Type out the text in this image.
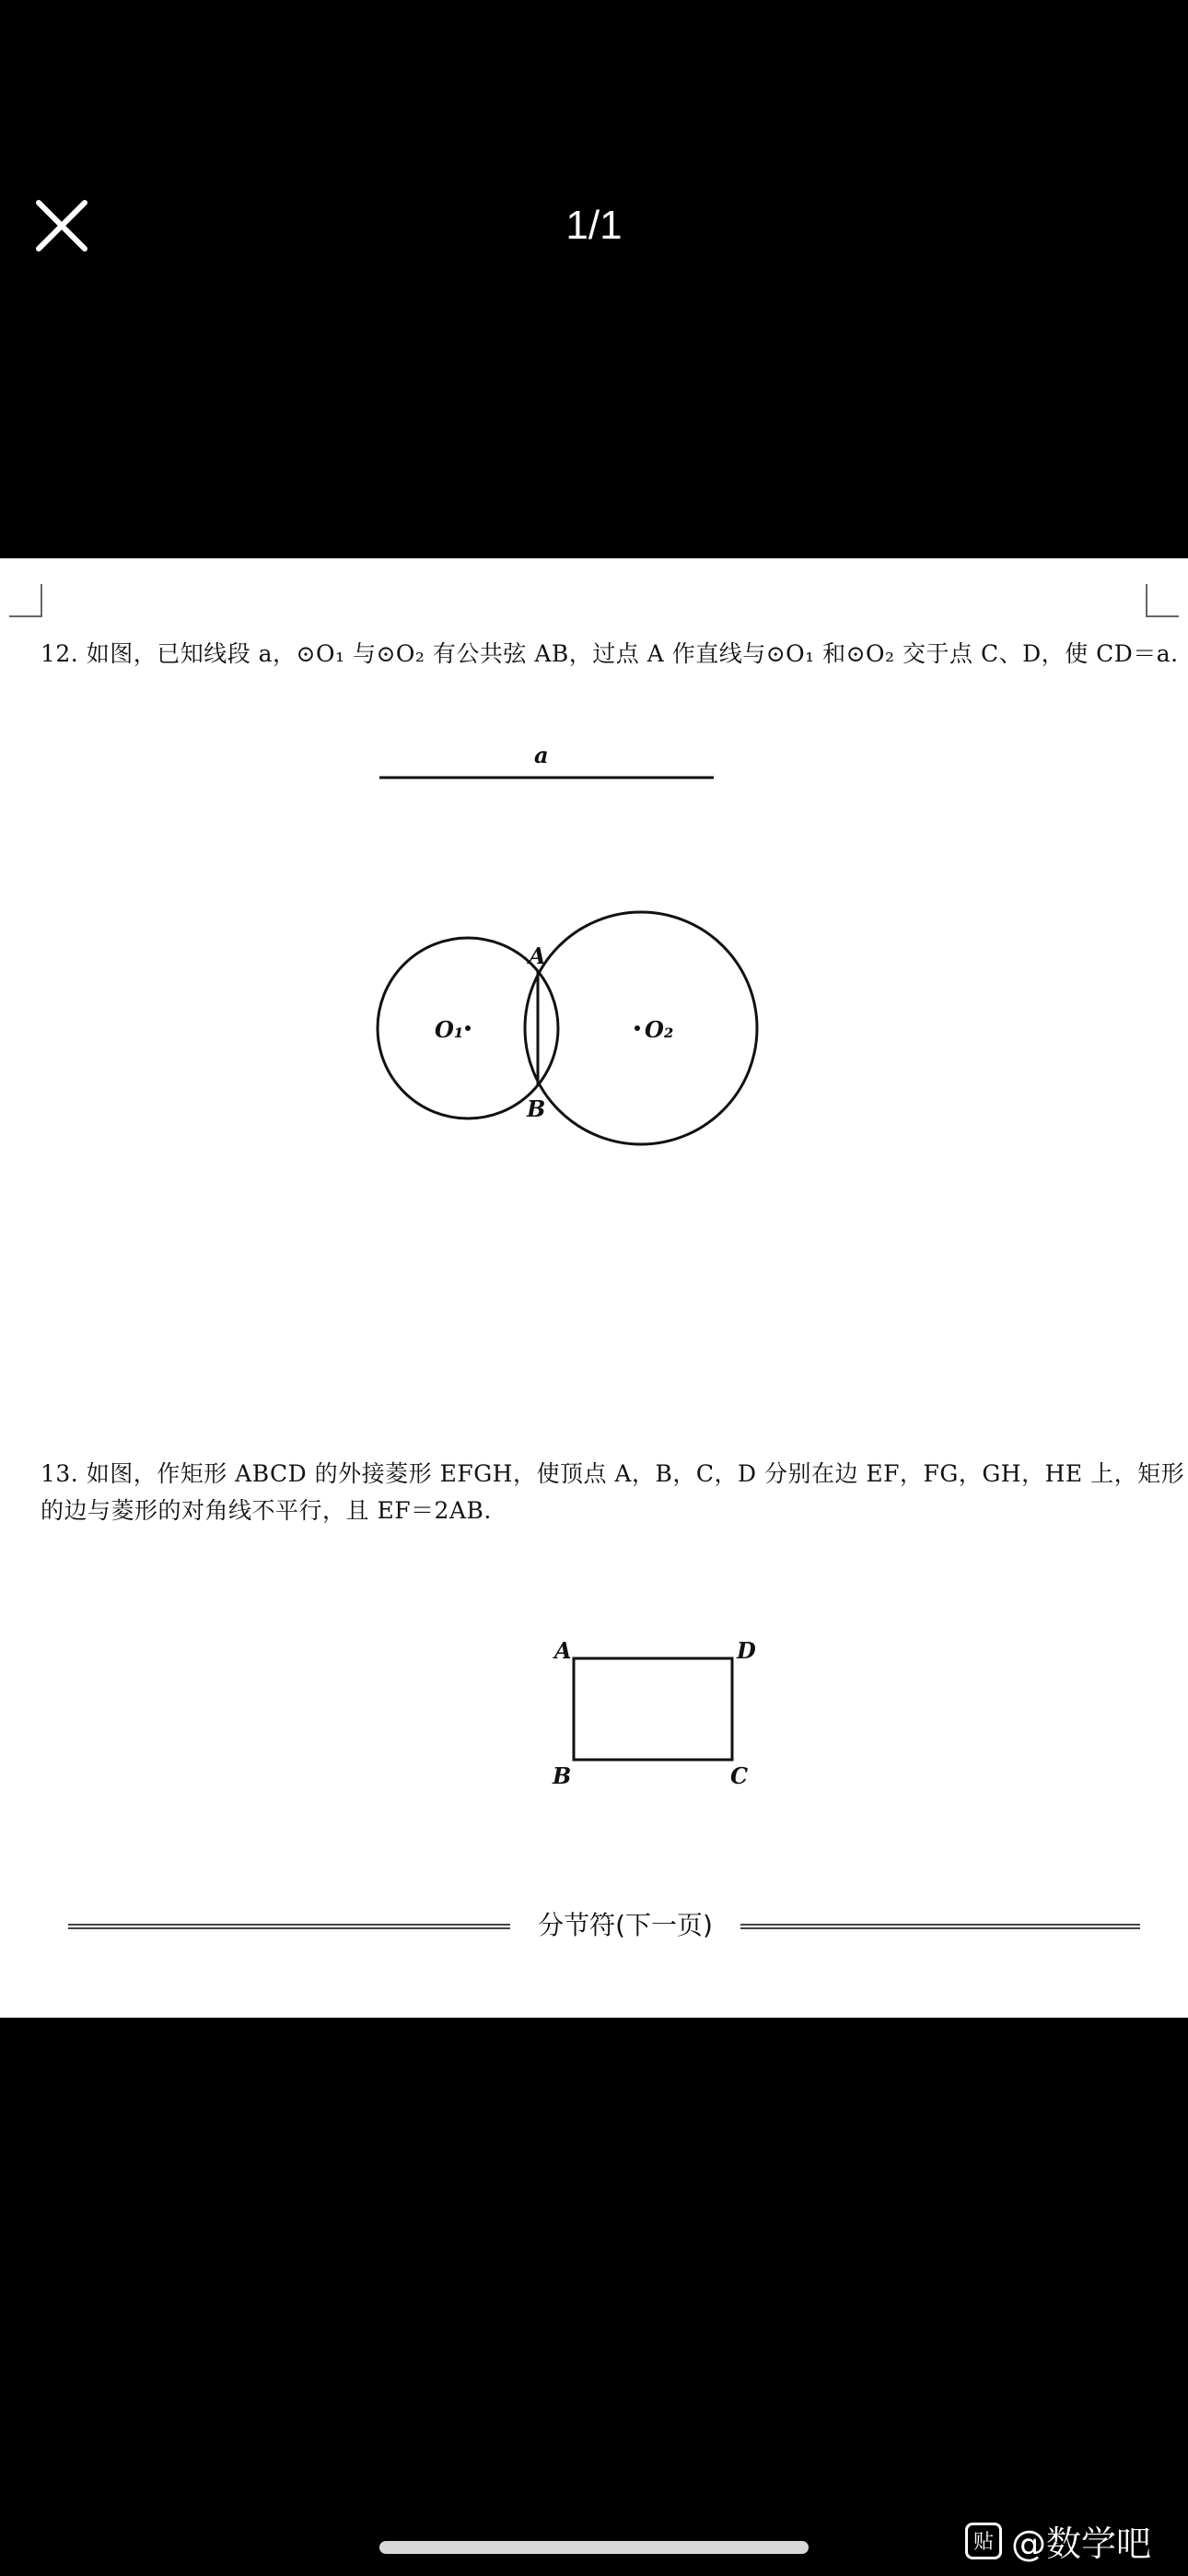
1/1
12. 如图，已知线段 a，⊙O₁ 与⊙O₂ 有公共弦 AB，过点 A 作直线与⊙O₁ 和⊙O₂ 交于点 C、D，使 CD＝a.
a
O₁	O₂
A
B
13. 如图，作矩形 ABCD 的外接菱形 EFGH，使顶点 A，B，C，D 分别在边 EF，FG，GH，HE 上，矩形
的边与菱形的对角线不平行，且 EF＝2AB.
A	D
B	C
分节符(下一页)
贴 @数学吧
